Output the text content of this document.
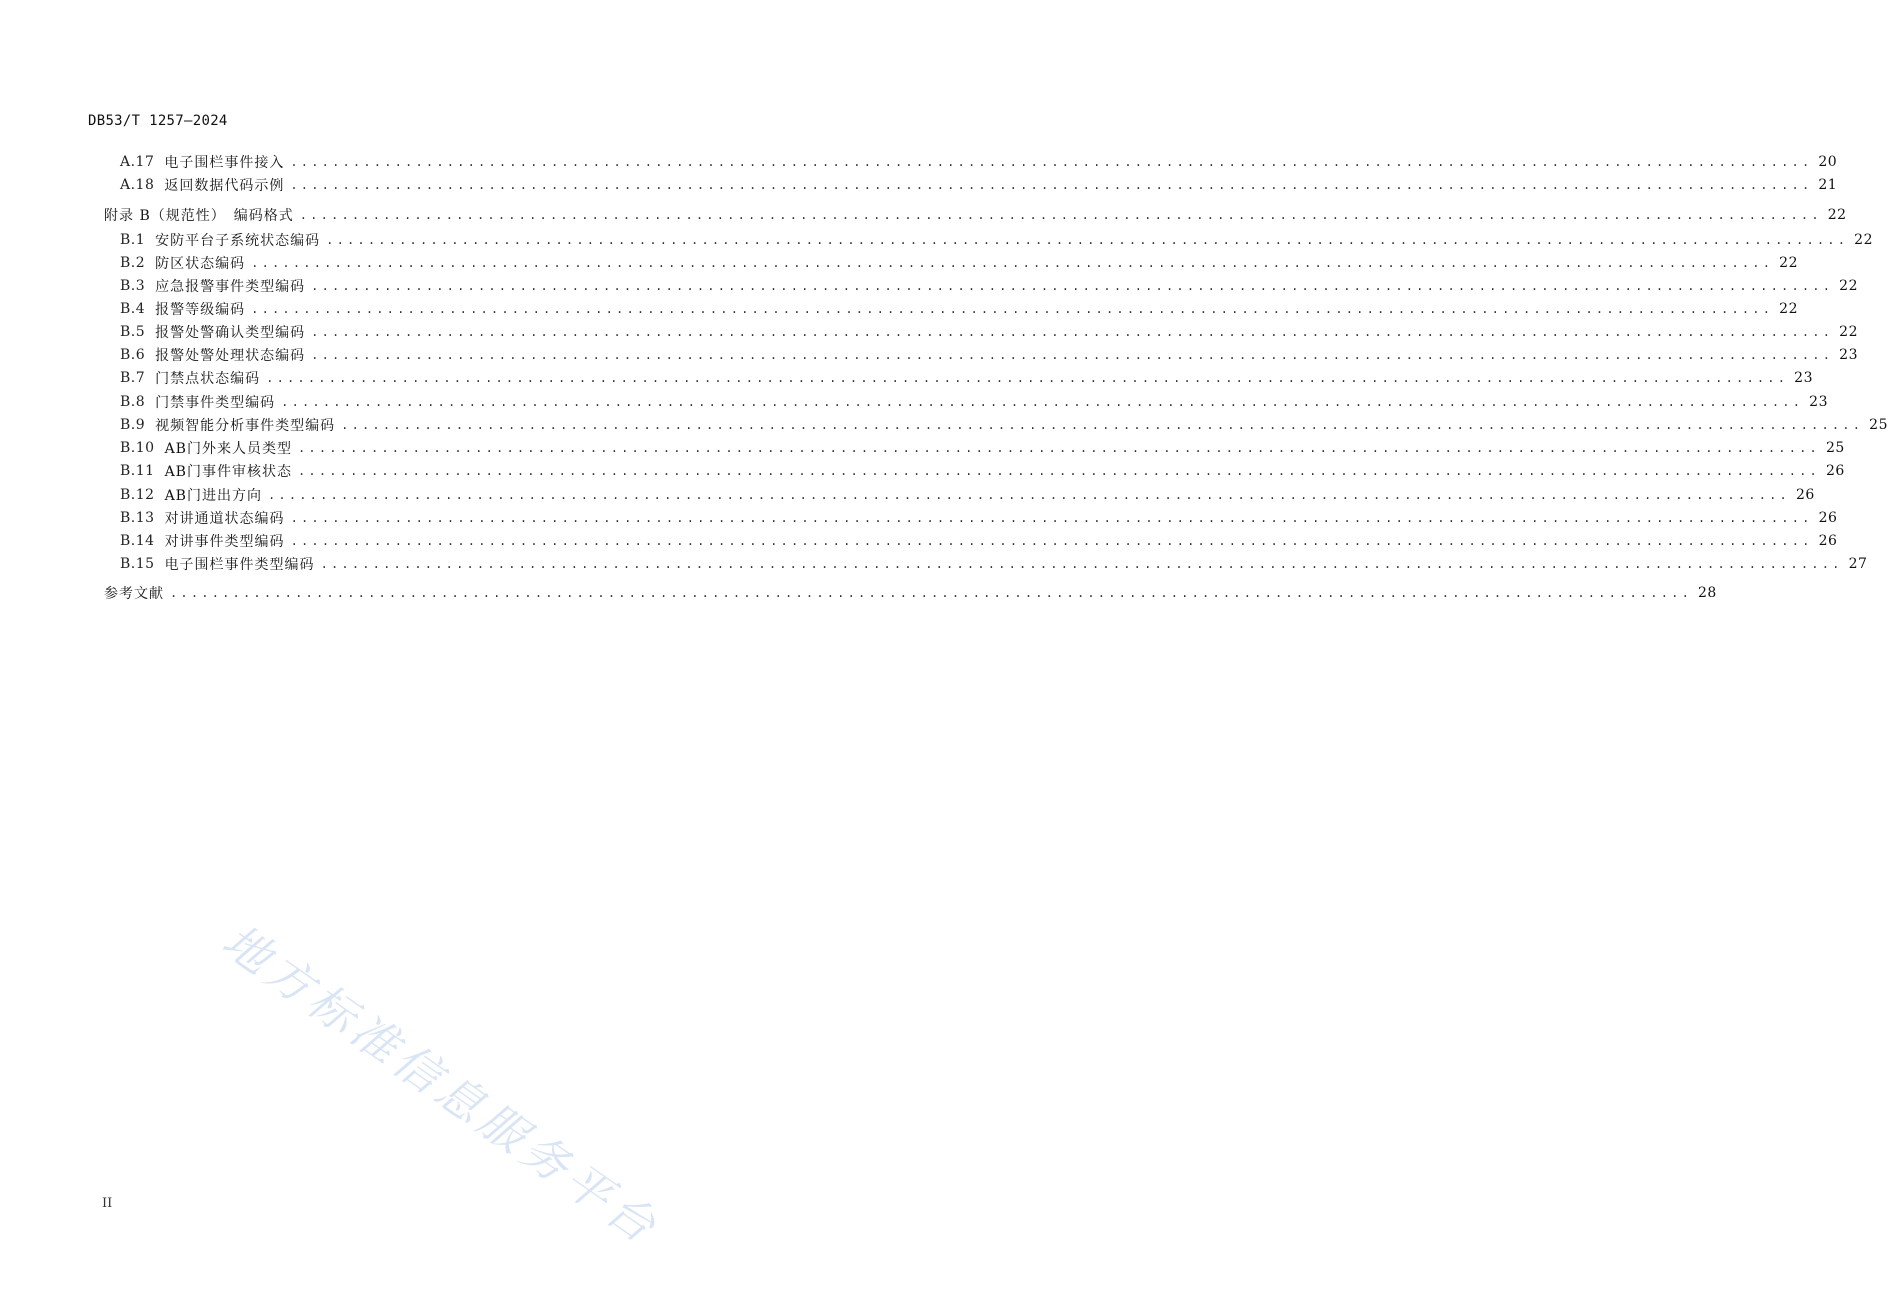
DB53/T 1257—2024
A.17 电子围栏事件接入 .................................................................................................................................................. 20
A.18 返回数据代码示例 .................................................................................................................................................. 21
附录 B（规范性）　编码格式 .................................................................................................................................................. 22
B.1 安防平台子系统状态编码 .................................................................................................................................................. 22
B.2 防区状态编码 .................................................................................................................................................. 22
B.3 应急报警事件类型编码 .................................................................................................................................................. 22
B.4 报警等级编码 .................................................................................................................................................. 22
B.5 报警处警确认类型编码 .................................................................................................................................................. 22
B.6 报警处警处理状态编码 .................................................................................................................................................. 23
B.7 门禁点状态编码 .................................................................................................................................................. 23
B.8 门禁事件类型编码 .................................................................................................................................................. 23
B.9 视频智能分析事件类型编码 .................................................................................................................................................. 25
B.10 AB门外来人员类型 .................................................................................................................................................. 25
B.11 AB门事件审核状态 .................................................................................................................................................. 26
B.12 AB门进出方向 .................................................................................................................................................. 26
B.13 对讲通道状态编码 .................................................................................................................................................. 26
B.14 对讲事件类型编码 .................................................................................................................................................. 26
B.15 电子围栏事件类型编码 .................................................................................................................................................. 27
参考文献 .................................................................................................................................................. 28
地方标准信息服务平台
II
